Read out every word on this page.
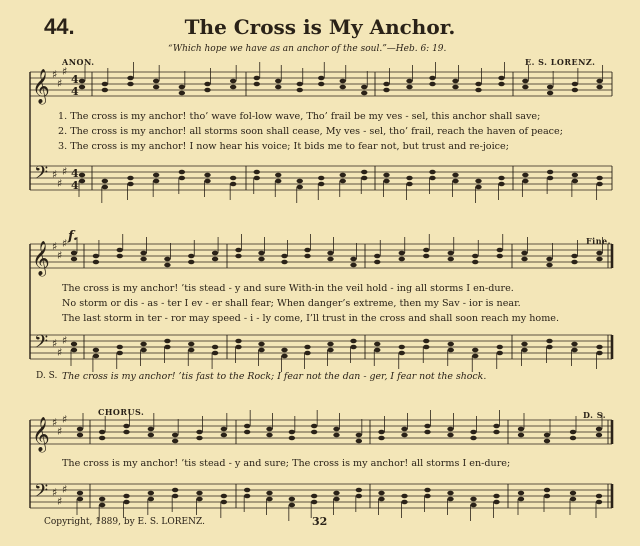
44.	The Cross is My Anchor.
“Which hope we have as an anchor of the soul.”—Heb. 6: 19.
ANON.	E. S. LORENZ.
𝄞
𝄢
♯
♯
♯
♯
♯
♯
4
4
4
4
𝄞
𝄢
♯
♯
♯
♯
♯
♯
𝄞
𝄢
♯
♯
♯
♯
♯
♯
1. The cross is my anchor! tho’ wave fol-low wave, Tho’ frail be my ves - sel, this anchor shall save;
2. The cross is my anchor! all storms soon shall cease, My ves - sel, tho’ frail, reach the haven of peace;
3. The cross is my anchor! I now hear his voice; It bids me to fear not, but trust and re-joice;
f.	Fine.
The cross is my anchor! ’tis stead - y and sure With-in the veil hold - ing all storms I en-dure.
No storm or dis - as - ter I ev - er shall fear; When danger’s extreme, then my Sav - ior is near.
The last storm in ter - ror may speed - i - ly come, I’ll trust in the cross and shall soon reach my home.
D. S. The cross is my anchor! ’tis fast to the Rock; I fear not the dan - ger, I fear not the shock.
CHORUS.	D. S.
The cross is my anchor! ’tis stead - y and sure; The cross is my anchor! all storms I en-dure;
Copyright, 1889, by E. S. LORENZ.	32
